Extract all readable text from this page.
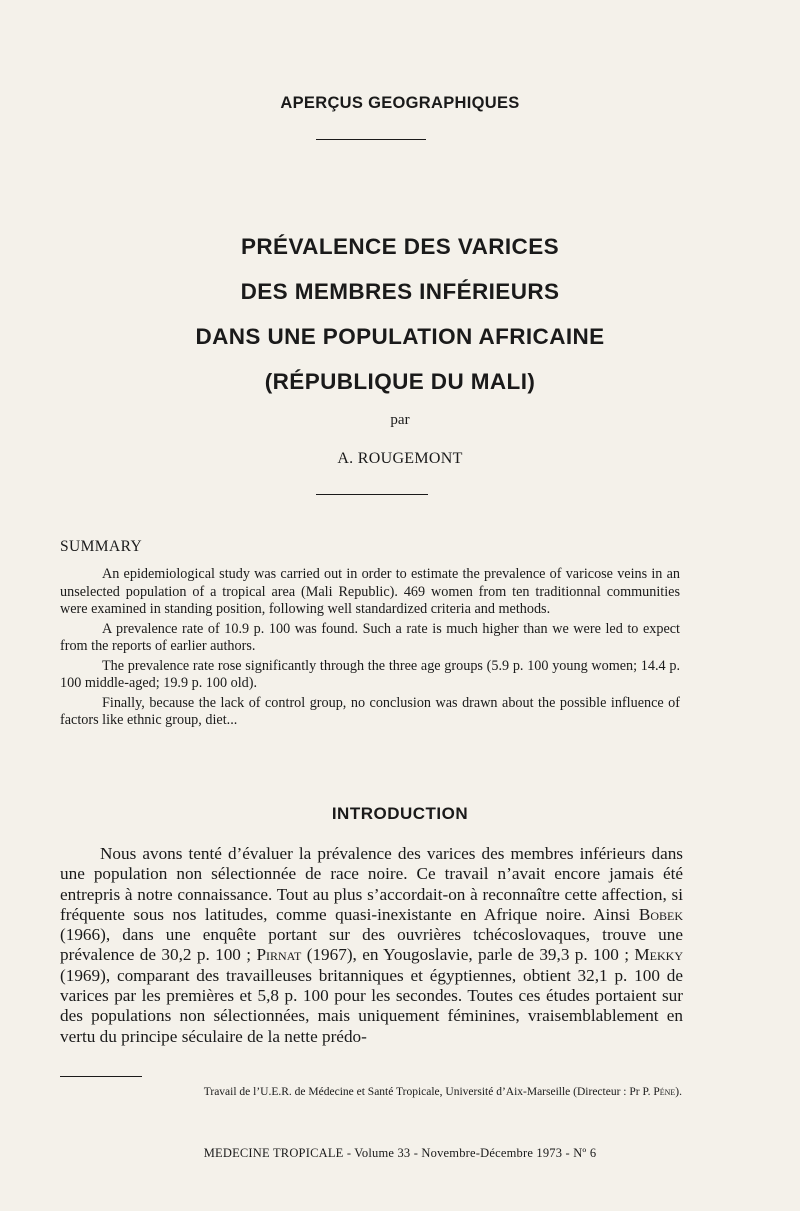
APERÇUS GEOGRAPHIQUES
PRÉVALENCE DES VARICES
DES MEMBRES INFÉRIEURS
DANS UNE POPULATION AFRICAINE
(RÉPUBLIQUE DU MALI)
par
A. ROUGEMONT
SUMMARY

An epidemiological study was carried out in order to estimate the prevalence of varicose veins in an unselected population of a tropical area (Mali Republic). 469 women from ten traditionnal communities were examined in standing position, following well standardized criteria and methods.

A prevalence rate of 10.9 p. 100 was found. Such a rate is much higher than we were led to expect from the reports of earlier authors.

The prevalence rate rose significantly through the three age groups (5.9 p. 100 young women; 14.4 p. 100 middle-aged; 19.9 p. 100 old).

Finally, because the lack of control group, no conclusion was drawn about the possible influence of factors like ethnic group, diet...

INTRODUCTION

Nous avons tenté d’évaluer la prévalence des varices des membres inférieurs dans une population non sélectionnée de race noire. Ce travail n’avait encore jamais été entrepris à notre connaissance. Tout au plus s’accordait-on à reconnaître cette affection, si fréquente sous nos latitudes, comme quasi-inexistante en Afrique noire. Ainsi Bobek (1966), dans une enquête portant sur des ouvrières tchécoslovaques, trouve une prévalence de 30,2 p. 100 ; Pirnat (1967), en Yougoslavie, parle de 39,3 p. 100 ; Mekky (1969), comparant des travailleuses britanniques et égyptiennes, obtient 32,1 p. 100 de varices par les premières et 5,8 p. 100 pour les secondes. Toutes ces études portaient sur des populations non sélectionnées, mais uniquement féminines, vraisemblablement en vertu du principe séculaire de la nette prédo-

Travail de l’U.E.R. de Médecine et Santé Tropicale, Université d’Aix-Marseille (Directeur : Pr P. Péne).
MEDECINE TROPICALE - Volume 33 - Novembre-Décembre 1973 - Nº 6
